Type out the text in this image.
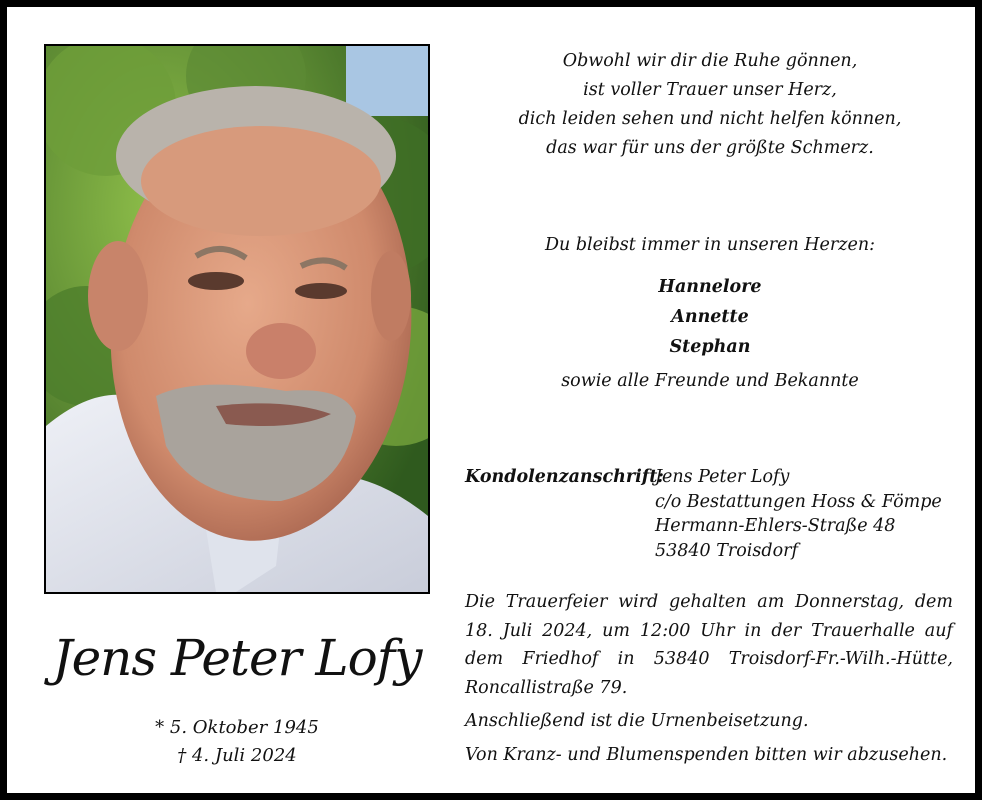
Jens Peter Lofy
* 5. Oktober 1945
† 4. Juli 2024
Obwohl wir dir die Ruhe gönnen,
ist voller Trauer unser Herz,
dich leiden sehen und nicht helfen können,
das war für uns der größte Schmerz.
Du bleibst immer in unseren Herzen:
Hannelore
Annette
Stephan
sowie alle Freunde und Bekannte
Kondolenzanschrift:
Jens Peter Lofy
c/o Bestattungen Hoss & Fömpe
Hermann-Ehlers-Straße 48
53840 Troisdorf
Die Trauerfeier wird gehalten am Donnerstag, dem 18. Juli 2024, um 12:00 Uhr in der Trauerhalle auf dem Friedhof in 53840 Troisdorf-Fr.-Wilh.-Hütte, Roncallistraße 79.
Anschließend ist die Urnenbeisetzung.
Von Kranz- und Blumenspenden bitten wir abzusehen.
